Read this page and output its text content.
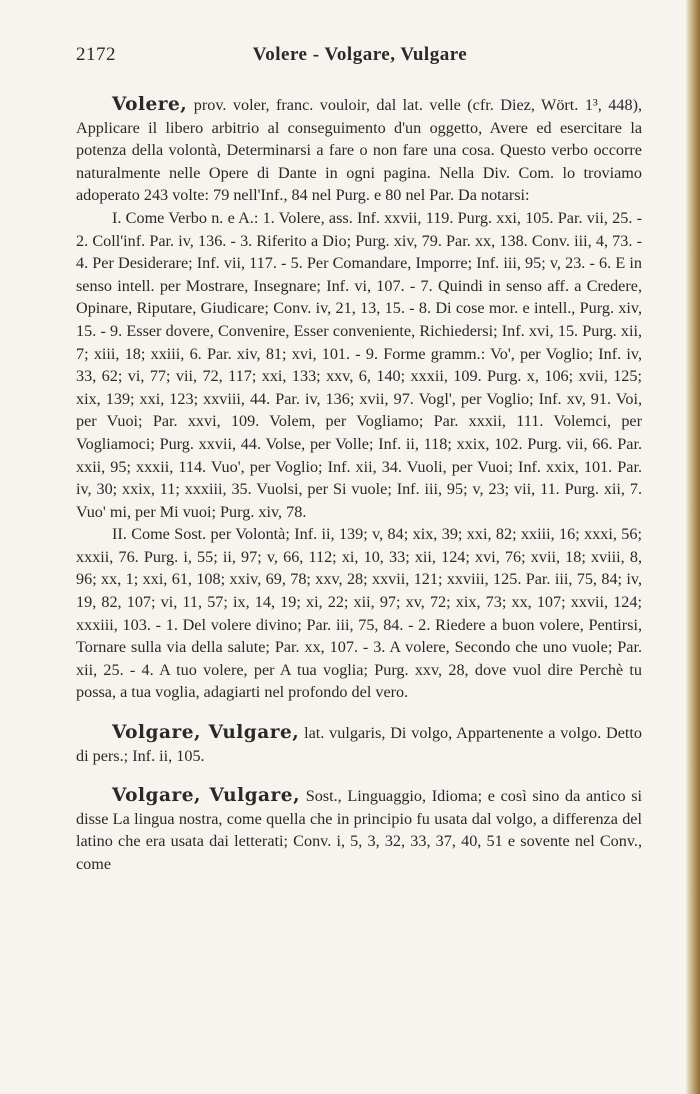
2172	Volere - Volgare, Vulgare

Volere, prov. voler, franc. vouloir, dal lat. velle (cfr. Diez, Wört. 1³, 448), Applicare il libero arbitrio al conseguimento d'un oggetto, Avere ed esercitare la potenza della volontà, Determinarsi a fare o non fare una cosa. Questo verbo occorre naturalmente nelle Opere di Dante in ogni pagina. Nella Div. Com. lo troviamo adoperato 243 volte: 79 nell'Inf., 84 nel Purg. e 80 nel Par. Da notarsi:

I. Come Verbo n. e A.: 1. Volere, ass. Inf. xxvii, 119. Purg. xxi, 105. Par. vii, 25. - 2. Coll'inf. Par. iv, 136. - 3. Riferito a Dio; Purg. xiv, 79. Par. xx, 138. Conv. iii, 4, 73. - 4. Per Desiderare; Inf. vii, 117. - 5. Per Comandare, Imporre; Inf. iii, 95; v, 23. - 6. E in senso intell. per Mostrare, Insegnare; Inf. vi, 107. - 7. Quindi in senso aff. a Credere, Opinare, Riputare, Giudicare; Conv. iv, 21, 13, 15. - 8. Di cose mor. e intell., Purg. xiv, 15. - 9. Esser dovere, Convenire, Esser conveniente, Richiedersi; Inf. xvi, 15. Purg. xii, 7; xiii, 18; xxiii, 6. Par. xiv, 81; xvi, 101. - 9. Forme gramm.: Vo', per Voglio; Inf. iv, 33, 62; vi, 77; vii, 72, 117; xxi, 133; xxv, 6, 140; xxxii, 109. Purg. x, 106; xvii, 125; xix, 139; xxi, 123; xxviii, 44. Par. iv, 136; xvii, 97. Vogl', per Voglio; Inf. xv, 91. Voi, per Vuoi; Par. xxvi, 109. Volem, per Vogliamo; Par. xxxii, 111. Volemci, per Vogliamoci; Purg. xxvii, 44. Volse, per Volle; Inf. ii, 118; xxix, 102. Purg. vii, 66. Par. xxii, 95; xxxii, 114. Vuo', per Voglio; Inf. xii, 34. Vuoli, per Vuoi; Inf. xxix, 101. Par. iv, 30; xxix, 11; xxxiii, 35. Vuolsi, per Si vuole; Inf. iii, 95; v, 23; vii, 11. Purg. xii, 7. Vuo' mi, per Mi vuoi; Purg. xiv, 78.

II. Come Sost. per Volontà; Inf. ii, 139; v, 84; xix, 39; xxi, 82; xxiii, 16; xxxi, 56; xxxii, 76. Purg. i, 55; ii, 97; v, 66, 112; xi, 10, 33; xii, 124; xvi, 76; xvii, 18; xviii, 8, 96; xx, 1; xxi, 61, 108; xxiv, 69, 78; xxv, 28; xxvii, 121; xxviii, 125. Par. iii, 75, 84; iv, 19, 82, 107; vi, 11, 57; ix, 14, 19; xi, 22; xii, 97; xv, 72; xix, 73; xx, 107; xxvii, 124; xxxiii, 103. - 1. Del volere divino; Par. iii, 75, 84. - 2. Riedere a buon volere, Pentirsi, Tornare sulla via della salute; Par. xx, 107. - 3. A volere, Secondo che uno vuole; Par. xii, 25. - 4. A tuo volere, per A tua voglia; Purg. xxv, 28, dove vuol dire Perchè tu possa, a tua voglia, adagiarti nel profondo del vero.

Volgare, Vulgare, lat. vulgaris, Di volgo, Appartenente a volgo. Detto di pers.; Inf. ii, 105.

Volgare, Vulgare, Sost., Linguaggio, Idioma; e così sino da antico si disse La lingua nostra, come quella che in principio fu usata dal volgo, a differenza del latino che era usata dai letterati; Conv. i, 5, 3, 32, 33, 37, 40, 51 e sovente nel Conv., come
